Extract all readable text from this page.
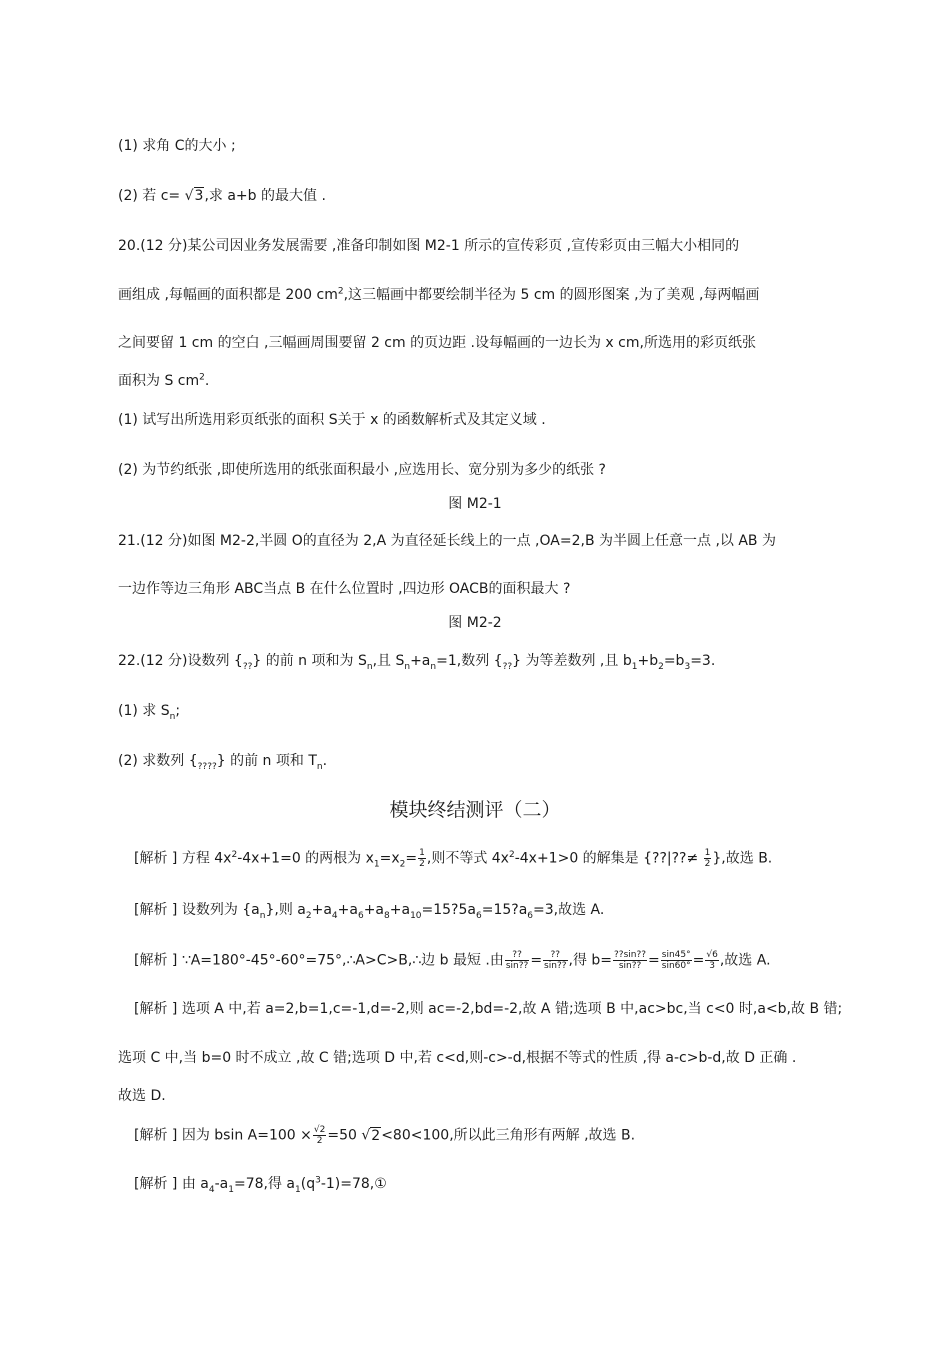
(1) 求角 C的大小 ;
(2) 若 c= √3,求 a+b 的最大值 .
20.(12 分)某公司因业务发展需要 ,准备印制如图 M2-1 所示的宣传彩页 ,宣传彩页由三幅大小相同的
画组成 ,每幅画的面积都是 200 $cm^2$,这三幅画中都要绘制半径为 5 cm 的圆形图案 ,为了美观 ,每两幅画
之间要留 1 cm 的空白 ,三幅画周围要留 2 cm 的页边距 .设每幅画的一边长为 x cm,所选用的彩页纸张
面积为 S $cm^2$.
(1) 试写出所选用彩页纸张的面积 S关于 x 的函数解析式及其定义域 .
(2) 为节约纸张 ,即使所选用的纸张面积最小 ,应选用长、宽分别为多少的纸张 ?
图 M2-1
21.(12 分)如图 M2-2,半圆 O的直径为 2,A 为直径延长线上的一点 ,OA=2,B 为半圆上任意一点 ,以 AB 为
一边作等边三角形 ABC当点 B 在什么位置时 ,四边形 OACB的面积最大 ?
图 M2-2
22.(12 分)设数列 $\{_{??}\}$ 的前 n 项和为 $S_n$,且 $S_n+a_n=1$,数列 $\{_{??}\}$ 为等差数列 ,且 $b_1+b_2=b_3=3$.
(1) 求 $S_n$;
(2) 求数列 $\{_{????}\}$ 的前 n 项和 $T_n$.
模块终结测评（二）
[解析 ] 方程 $4x^2-4x+1=0$ 的两根为 $x_1=x_2= \frac{1}{2}$ ,则不等式 $4x^2-4x+1>0$ 的解集是 {??|??≠ $\frac{1}{2}$ },故选 B.
[解析 ] 设数列为 $\{a_n\}$,则 $a_2+a_4+a_6+a_8+a_{10}=15?5a_6=15?a_6=3$,故选 A.
[解析 ] ∵A=180°-45°-60°=75°,∴A>C>B,∴边 b 最短 .由 $\frac{??}{\sin??} = \frac{??}{\sin??}$ ,得 $b= \frac{??\sin??}{\sin??} = \frac{\sin 45^\circ}{\sin 60^\circ} = \frac{√6}{3}$ ,故选 A.
[解析 ] 选项 A 中,若 a=2,b=1,c=-1,d=-2,则 ac=-2,bd=-2,故 A 错;选项 B 中,ac>bc,当 c<0 时,a<b,故 B 错;
选项 C 中,当 b=0 时不成立 ,故 C 错;选项 D 中,若 c<d,则-c>-d,根据不等式的性质 ,得 a-c>b-d,故 D 正确 .
故选 D.
[解析 ] 因为 bsin $A=100 \times \frac{√2}{2} =50$ √2<80<100,所以此三角形有两解 ,故选 B.
[解析 ] 由 $a_4-a_1=78$,得 $a_1(q^3-1)=78,①$
